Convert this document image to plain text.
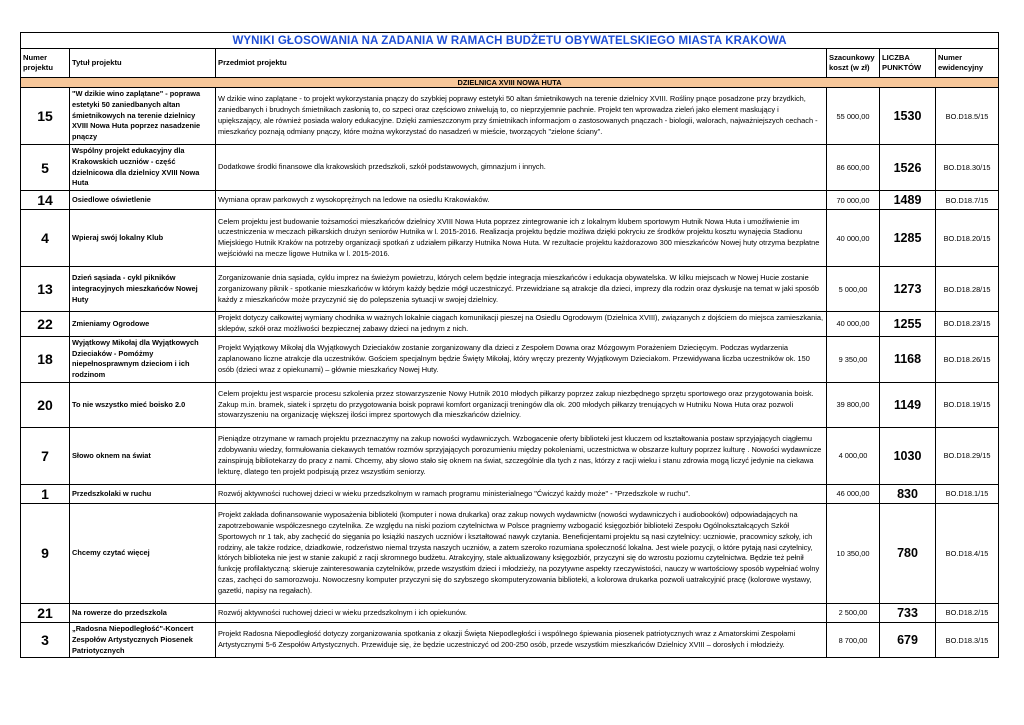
WYNIKI GŁOSOWANIA NA ZADANIA W RAMACH BUDŻETU OBYWATELSKIEGO MIASTA KRAKOWA					
Numer projektu	Tytuł projektu	Przedmiot projektu	Szacunkowy koszt (w zł)	LICZBA PUNKTÓW	Numer ewidencyjny
DZIELNICA XVIII NOWA HUTA					
15	"W dzikie wino zaplątane" - poprawa estetyki 50 zaniedbanych altan śmietnikowych na terenie dzielnicy XVIII Nowa Huta poprzez nasadzenie pnączy	W dzikie wino zaplątane - to projekt wykorzystania pnączy do szybkiej poprawy estetyki 50 altan śmietnikowych na terenie dzielnicy XVIII. Rośliny pnące posadzone przy brzydkich, zaniedbanych i brudnych śmietnikach zasłonią to, co szpeci oraz częściowo zniwelują to, co nieprzyjemnie pachnie. Projekt ten wprowadza zieleń jako element maskujący i upiększający, ale również posiada walory edukacyjne. Dzięki zamieszczonym przy śmietnikach informacjom o zastosowanych pnączach - biologii, walorach, najważniejszych cechach - mieszkańcy poznają odmiany pnączy, które można wykorzystać do nasadzeń w mieście, tworzących "zielone ściany".	55 000,00	1530	BO.D18.5/15
5	Wspólny projekt edukacyjny dla Krakowskich uczniów - część dzielnicowa dla dzielnicy XVIII Nowa Huta	Dodatkowe środki finansowe dla krakowskich przedszkoli, szkół podstawowych, gimnazjum i innych.	86 600,00	1526	BO.D18.30/15
14	Osiedlowe oświetlenie	Wymiana opraw parkowych z wysokoprężnych na ledowe na osiedlu Krakowiaków.	70 000,00	1489	BO.D18.7/15
4	Wpieraj swój lokalny Klub	Celem projektu jest budowanie tożsamości mieszkańców dzielnicy XVIII Nowa Huta poprzez zintegrowanie ich z lokalnym klubem sportowym Hutnik Nowa Huta i umożliwienie im uczestniczenia w meczach piłkarskich drużyn seniorów Hutnika w l. 2015-2016. Realizacja projektu będzie możliwa dzięki pokryciu ze środków projektu kosztu wynajęcia Stadionu Miejskiego Hutnik Kraków na potrzeby organizacji spotkań z udziałem piłkarzy Hutnika Nowa Huta. W rezultacie projektu każdorazowo 300 mieszkańców Nowej huty otrzyma bezpłatne wejściówki na mecze ligowe Hutnika w l. 2015-2016.	40 000,00	1285	BO.D18.20/15
13	Dzień sąsiada - cykl pikników integracyjnych mieszkańców Nowej Huty	Zorganizowanie dnia sąsiada, cyklu imprez na świeżym powietrzu, których celem będzie integracja mieszkańców i edukacja obywatelska. W kilku miejscach w Nowej Hucie zostanie zorganizowany piknik - spotkanie mieszkańców w którym każdy będzie mógł uczestniczyć. Przewidziane są atrakcje dla dzieci, imprezy dla rodzin oraz dyskusje na temat w jaki sposób każdy z mieszkańców może przyczynić się do polepszenia sytuacji w swojej dzielnicy.	5 000,00	1273	BO.D18.28/15
22	Zmieniamy Ogrodowe	Projekt dotyczy całkowitej wymiany chodnika w ważnych lokalnie ciągach komunikacji pieszej na Osiedlu Ogrodowym (Dzielnica XVIII), związanych z dojściem do miejsca zamieszkania, sklepów, szkół oraz możliwości bezpiecznej zabawy dzieci na jednym z nich.	40 000,00	1255	BO.D18.23/15
18	Wyjątkowy Mikołaj dla Wyjątkowych Dzieciaków - Pomóżmy niepełnosprawnym dzieciom i ich rodzinom	Projekt Wyjątkowy Mikołaj dla Wyjątkowych Dzieciaków zostanie zorganizowany dla dzieci z Zespołem Downa oraz Mózgowym Porażeniem Dziecięcym. Podczas wydarzenia zaplanowano liczne atrakcje dla uczestników. Gościem specjalnym będzie Święty Mikołaj, który wręczy prezenty Wyjątkowym Dzieciakom. Przewidywana liczba uczestników ok. 150 osób (dzieci wraz z opiekunami) – głównie mieszkańcy Nowej Huty.	9 350,00	1168	BO.D18.26/15
20	To nie wszystko mieć boisko 2.0	Celem projektu jest wsparcie procesu szkolenia przez stowarzyszenie Nowy Hutnik 2010 młodych piłkarzy poprzez zakup niezbędnego sprzętu sportowego oraz przygotowania boisk. Zakup m.in. bramek, siatek i sprzętu do przygotowania boisk poprawi komfort organizacji treningów dla ok. 200 młodych piłkarzy trenujących w Hutniku Nowa Huta oraz pozwoli stowarzyszeniu na organizację większej ilości imprez sportowych dla mieszkańców dzielnicy.	39 800,00	1149	BO.D18.19/15
7	Słowo oknem na świat	Pieniądze otrzymane w ramach projektu przeznaczymy na zakup nowości wydawniczych. Wzbogacenie oferty biblioteki jest kluczem od kształtowania postaw sprzyjających ciągłemu zdobywaniu wiedzy, formułowania ciekawych tematów rozmów sprzyjających porozumieniu między pokoleniami, uczestnictwa w obszarze kultury poprzez kulturę . Nowości wydawnicze zainspirują bibliotekarzy do pracy z nami. Chcemy, aby słowo stało się oknem na świat, szczególnie dla tych z nas, którzy z racji wieku i stanu zdrowia mogą liczyć jedynie na ciekawa lekturę, dlatego ten projekt podpisują przez wszystkim seniorzy.	4 000,00	1030	BO.D18.29/15
1	Przedszkolaki w ruchu	Rozwój aktywności ruchowej dzieci w wieku przedszkolnym w ramach programu ministerialnego "Ćwiczyć każdy może" - "Przedszkole w ruchu".	46 000,00	830	BO.D18.1/15
9	Chcemy czytać więcej	Projekt zakłada dofinansowanie wyposażenia biblioteki (komputer i nowa drukarka) oraz zakup nowych wydawnictw (nowości wydawniczych i audiobooków) odpowiadających na zapotrzebowanie współczesnego czytelnika. Ze względu na niski poziom czytelnictwa w Polsce pragniemy wzbogacić księgozbiór biblioteki Zespołu Ogólnokształcących Szkół Sportowych nr 1 tak, aby zachęcić do sięgania po książki naszych uczniów i kształtować nawyk czytania. Beneficjentami projektu są nasi czytelnicy: uczniowie, pracownicy szkoły, ich rodziny, ale także rodzice, dziadkowie, rodzeństwo niemal trzysta naszych uczniów, a zatem szeroko rozumiana społeczność lokalna. Jest wiele pozycji, o które pytają nasi czytelnicy, których biblioteka nie jest w stanie zakupić z racji skromnego budżetu. Atrakcyjny, stale aktualizowany księgozbiór, przyczyni się do wzrostu poziomu czytelnictwa. Będzie też pełnił funkcję profilaktyczną: skieruje zainteresowania czytelników, przede wszystkim dzieci i młodzieży, na pozytywne aspekty rzeczywistości, nauczy w wartościowy sposób wypełniać wolny czas, zachęci do samorozwoju. Nowoczesny komputer przyczyni się do szybszego skomputeryzowania biblioteki, a kolorowa drukarka pozwoli uatrakcyjnić pracę (kolorowe wystawy, gazetki, napisy na regałach).	10 350,00	780	BO.D18.4/15
21	Na rowerze do przedszkola	Rozwój aktywności ruchowej dzieci w wieku przedszkolnym i ich opiekunów.	2 500,00	733	BO.D18.2/15
3	„Radosna Niepodległość"-Koncert Zespołów Artystycznych Piosenek Patriotycznych	Projekt Radosna Niepodległość dotyczy zorganizowania spotkania z okazji Święta Niepodległości i wspólnego śpiewania piosenek patriotycznych wraz z Amatorskimi Zespołami Artystycznymi 5-6 Zespołów Artystycznych. Przewiduje się, że będzie uczestniczyć od 200-250 osób, przede wszystkim mieszkańców Dzielnicy XVIII – dorosłych i młodzieży.	8 700,00	679	BO.D18.3/15
